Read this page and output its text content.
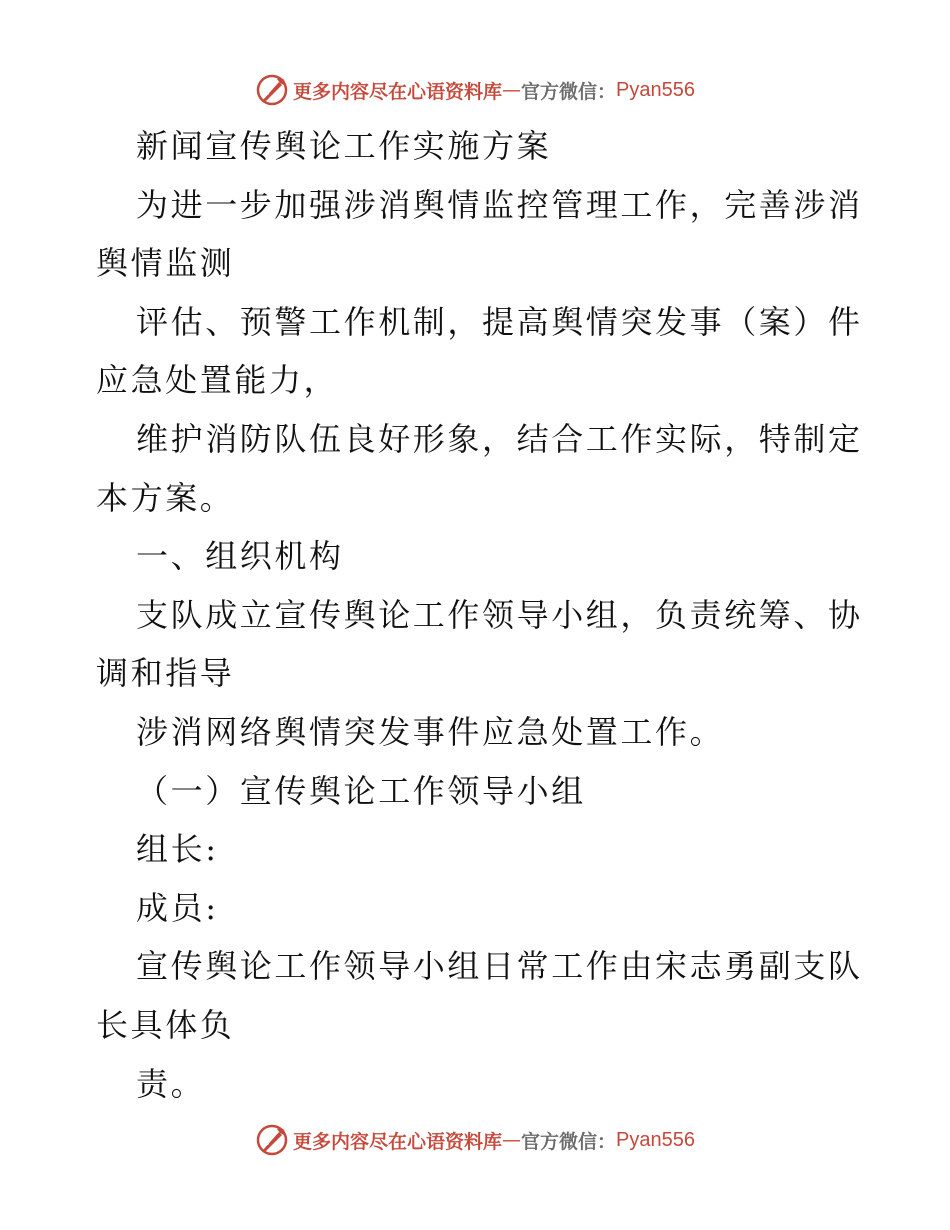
更多内容尽在心语资料库 — 官方微信： Pyan556
新闻宣传舆论工作实施方案
为进一步加强涉消舆情监控管理工作，完善涉消
舆情监测
评估、预警工作机制，提高舆情突发事（案）件
应急处置能力，
维护消防队伍良好形象，结合工作实际，特制定
本方案。
一、组织机构
支队成立宣传舆论工作领导小组，负责统筹、协
调和指导
涉消网络舆情突发事件应急处置工作。
（一）宣传舆论工作领导小组
组长:
成员:
宣传舆论工作领导小组日常工作由宋志勇副支队
长具体负
责。
更多内容尽在心语资料库 — 官方微信： Pyan556
